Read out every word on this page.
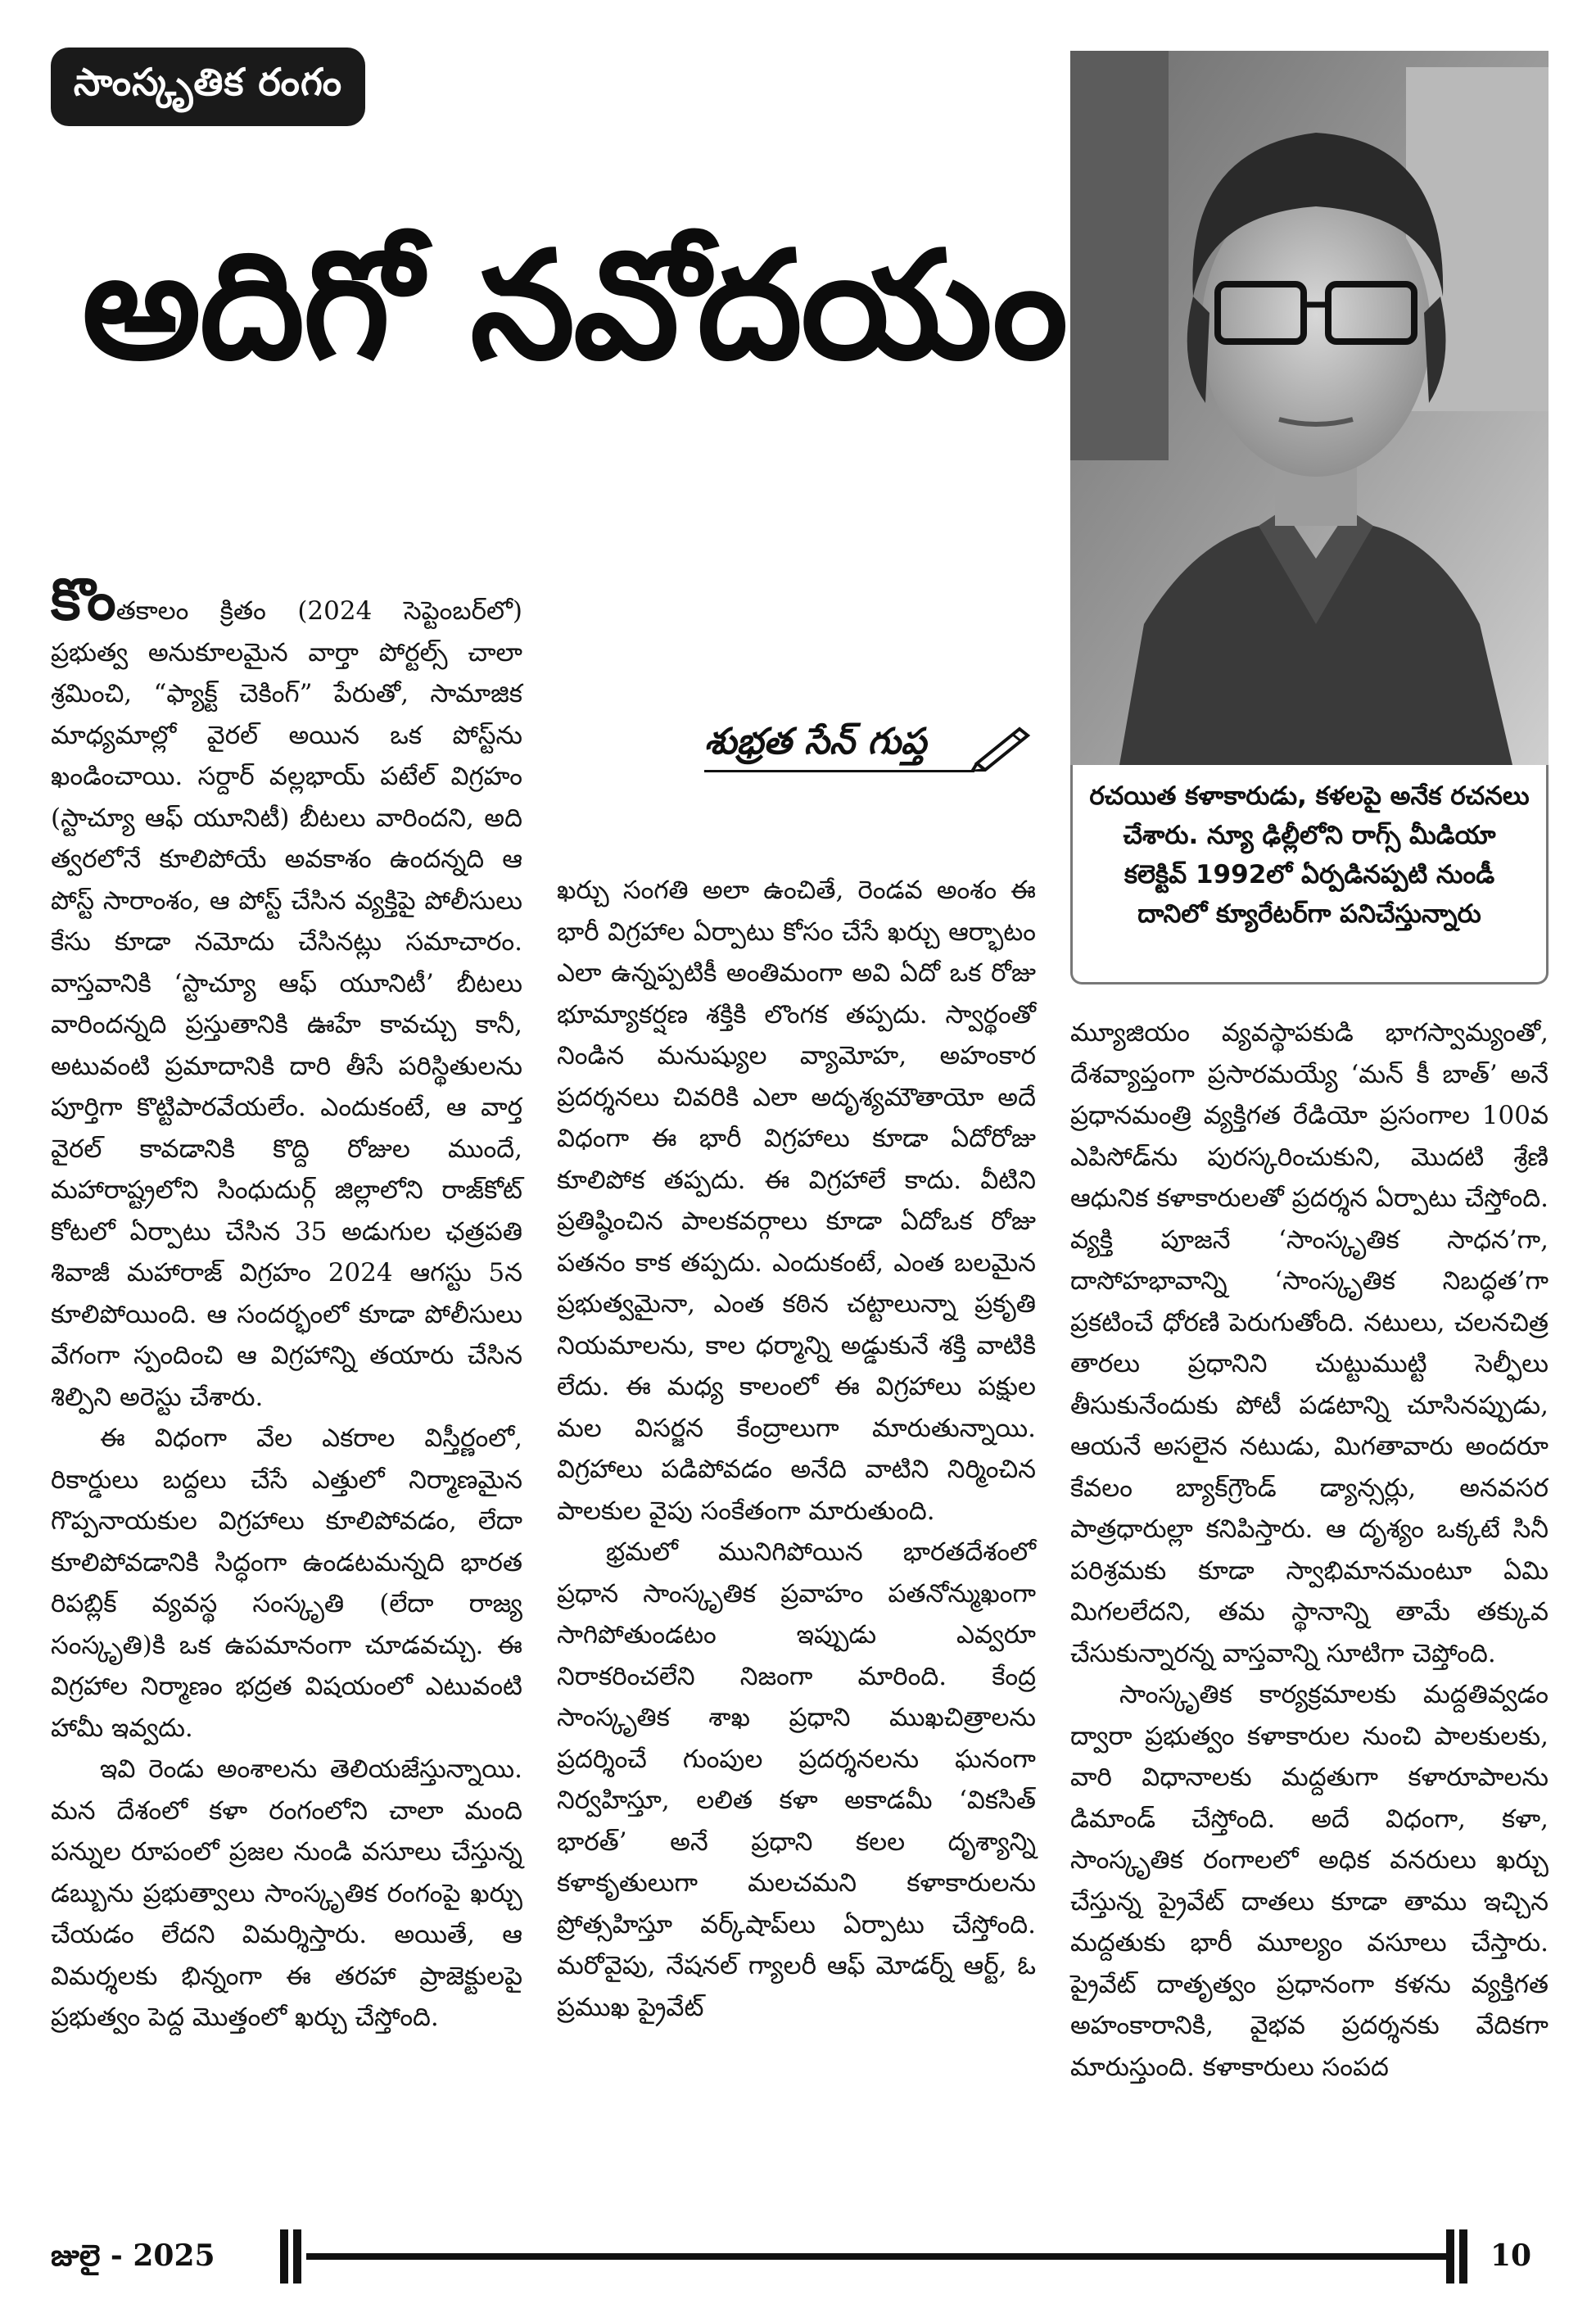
సాంస్కృతిక రంగం
అదిగో నవోదయం

రచయిత కళాకారుడు, కళలపై అనేక రచనలు చేశారు. న్యూ ఢిల్లీలోని రాగ్స్ మీడియా కలెక్టివ్ 1992లో ఏర్పడినప్పటి నుండీ దానిలో క్యూరేటర్‌గా పనిచేస్తున్నారు

శుభ్రత సేన్ గుప్త

కొంతకాలం క్రితం (2024 సెప్టెంబర్‌లో) ప్రభుత్వ అనుకూలమైన వార్తా పోర్టల్స్ చాలా శ్రమించి, “ఫ్యాక్ట్ చెకింగ్” పేరుతో, సామాజిక మాధ్యమాల్లో వైరల్ అయిన ఒక పోస్ట్‌ను ఖండించాయి. సర్దార్ వల్లభాయ్ పటేల్ విగ్రహం (స్టాచ్యూ ఆఫ్ యూనిటీ) బీటలు వారిందని, అది త్వరలోనే కూలిపోయే అవకాశం ఉందన్నది ఆ పోస్ట్ సారాంశం, ఆ పోస్ట్ చేసిన వ్యక్తిపై పోలీసులు కేసు కూడా నమోదు చేసినట్లు సమాచారం. వాస్తవానికి ‘స్టాచ్యూ ఆఫ్ యూనిటీ’ బీటలు వారిందన్నది ప్రస్తుతానికి ఊహే కావచ్చు కానీ, అటువంటి ప్రమాదానికి దారి తీసే పరిస్థితులను పూర్తిగా కొట్టిపారవేయలేం. ఎందుకంటే, ఆ వార్త వైరల్ కావడానికి కొద్ది రోజుల ముందే, మహారాష్ట్రలోని సింధుదుర్గ్ జిల్లాలోని రాజ్‌కోట్ కోటలో ఏర్పాటు చేసిన 35 అడుగుల ఛత్రపతి శివాజీ మహారాజ్ విగ్రహం 2024 ఆగస్టు 5న కూలిపోయింది. ఆ సందర్భంలో కూడా పోలీసులు వేగంగా స్పందించి ఆ విగ్రహాన్ని తయారు చేసిన శిల్పిని అరెస్టు చేశారు.

ఈ విధంగా వేల ఎకరాల విస్తీర్ణంలో, రికార్డులు బద్దలు చేసే ఎత్తులో నిర్మాణమైన గొప్పనాయకుల విగ్రహాలు కూలిపోవడం, లేదా కూలిపోవడానికి సిద్ధంగా ఉండటమన్నది భారత రిపబ్లిక్ వ్యవస్థ సంస్కృతి (లేదా రాజ్య సంస్కృతి)కి ఒక ఉపమానంగా చూడవచ్చు. ఈ విగ్రహాల నిర్మాణం భద్రత విషయంలో ఎటువంటి హామీ ఇవ్వదు.

ఇవి రెండు అంశాలను తెలియజేస్తున్నాయి. మన దేశంలో కళా రంగంలోని చాలా మంది పన్నుల రూపంలో ప్రజల నుండి వసూలు చేస్తున్న డబ్బును ప్రభుత్వాలు సాంస్కృతిక రంగంపై ఖర్చు చేయడం లేదని విమర్శిస్తారు. అయితే, ఆ విమర్శలకు భిన్నంగా ఈ తరహా ప్రాజెక్టులపై ప్రభుత్వం పెద్ద మొత్తంలో ఖర్చు చేస్తోంది.

ఖర్చు సంగతి అలా ఉంచితే, రెండవ అంశం ఈ భారీ విగ్రహాల ఏర్పాటు కోసం చేసే ఖర్చు ఆర్భాటం ఎలా ఉన్నప్పటికీ అంతిమంగా అవి ఏదో ఒక రోజు భూమ్యాకర్షణ శక్తికి లొంగక తప్పదు. స్వార్థంతో నిండిన మనుష్యుల వ్యామోహ, అహంకార ప్రదర్శనలు చివరికి ఎలా అదృశ్యమౌతాయో అదే విధంగా ఈ భారీ విగ్రహాలు కూడా ఏదోరోజు కూలిపోక తప్పదు. ఈ విగ్రహాలే కాదు. వీటిని ప్రతిష్ఠించిన పాలకవర్గాలు కూడా ఏదోఒక రోజు పతనం కాక తప్పదు. ఎందుకంటే, ఎంత బలమైన ప్రభుత్వమైనా, ఎంత కఠిన చట్టాలున్నా ప్రకృతి నియమాలను, కాల ధర్మాన్ని అడ్డుకునే శక్తి వాటికి లేదు. ఈ మధ్య కాలంలో ఈ విగ్రహాలు పక్షుల మల విసర్జన కేంద్రాలుగా మారుతున్నాయి. విగ్రహాలు పడిపోవడం అనేది వాటిని నిర్మించిన పాలకుల వైపు సంకేతంగా మారుతుంది.

భ్రమలో మునిగిపోయిన భారతదేశంలో ప్రధాన సాంస్కృతిక ప్రవాహం పతనోన్ముఖంగా సాగిపోతుండటం ఇప్పుడు ఎవ్వరూ నిరాకరించలేని నిజంగా మారింది. కేంద్ర సాంస్కృతిక శాఖ ప్రధాని ముఖచిత్రాలను ప్రదర్శించే గుంపుల ప్రదర్శనలను ఘనంగా నిర్వహిస్తూ, లలిత కళా అకాడమీ ‘వికసిత్ భారత్’ అనే ప్రధాని కలల దృశ్యాన్ని కళాకృతులుగా మలచమని కళాకారులను ప్రోత్సహిస్తూ వర్క్‌షాప్‌లు ఏర్పాటు చేస్తోంది. మరోవైపు, నేషనల్ గ్యాలరీ ఆఫ్ మోడర్న్ ఆర్ట్, ఓ ప్రముఖ ప్రైవేట్

మ్యూజియం వ్యవస్థాపకుడి భాగస్వామ్యంతో, దేశవ్యాప్తంగా ప్రసారమయ్యే ‘మన్ కీ బాత్’ అనే ప్రధానమంత్రి వ్యక్తిగత రేడియో ప్రసంగాల 100వ ఎపిసోడ్‌ను పురస్కరించుకుని, మొదటి శ్రేణి ఆధునిక కళాకారులతో ప్రదర్శన ఏర్పాటు చేస్తోంది. వ్యక్తి పూజనే ‘సాంస్కృతిక సాధన’గా, దాసోహభావాన్ని ‘సాంస్కృతిక నిబద్ధత’గా ప్రకటించే ధోరణి పెరుగుతోంది. నటులు, చలనచిత్ర తారలు ప్రధానిని చుట్టుముట్టి సెల్ఫీలు తీసుకునేందుకు పోటీ పడటాన్ని చూసినప్పుడు, ఆయనే అసలైన నటుడు, మిగతావారు అందరూ కేవలం బ్యాక్‌గ్రౌండ్ డ్యాన్సర్లు, అనవసర పాత్రధారుల్లా కనిపిస్తారు. ఆ దృశ్యం ఒక్కటే సినీ పరిశ్రమకు కూడా స్వాభిమానమంటూ ఏమి మిగలలేదని, తమ స్థానాన్ని తామే తక్కువ చేసుకున్నారన్న వాస్తవాన్ని సూటిగా చెప్తోంది.

సాంస్కృతిక కార్యక్రమాలకు మద్దతివ్వడం ద్వారా ప్రభుత్వం కళాకారుల నుంచి పాలకులకు, వారి విధానాలకు మద్దతుగా కళారూపాలను డిమాండ్ చేస్తోంది. అదే విధంగా, కళా, సాంస్కృతిక రంగాలలో అధిక వనరులు ఖర్చు చేస్తున్న ప్రైవేట్ దాతలు కూడా తాము ఇచ్చిన మద్దతుకు భారీ మూల్యం వసూలు చేస్తారు. ప్రైవేట్ దాతృత్వం ప్రధానంగా కళను వ్యక్తిగత అహంకారానికి, వైభవ ప్రదర్శనకు వేదికగా మారుస్తుంది. కళాకారులు సంపద

జులై - 2025	10
